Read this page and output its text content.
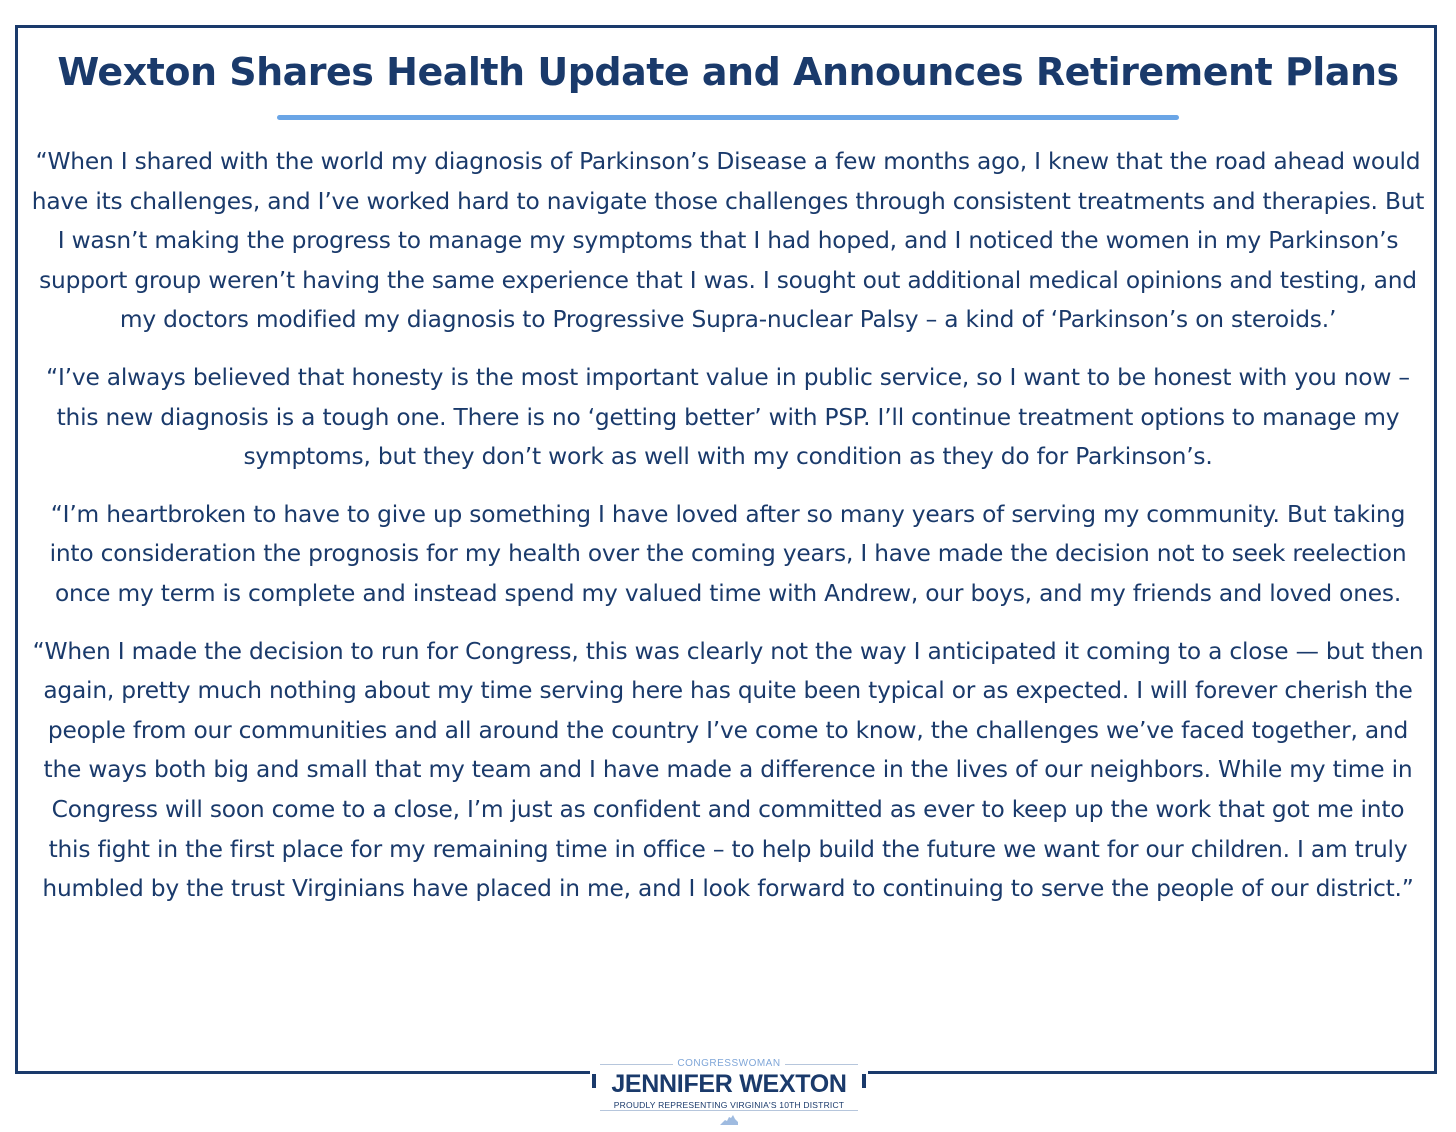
Wexton Shares Health Update and Announces Retirement Plans

“When I shared with the world my diagnosis of Parkinson’s Disease a few months ago, I knew that the road ahead would have its challenges, and I’ve worked hard to navigate those challenges through consistent treatments and therapies. But I wasn’t making the progress to manage my symptoms that I had hoped, and I noticed the women in my Parkinson’s support group weren’t having the same experience that I was. I sought out additional medical opinions and testing, and my doctors modified my diagnosis to Progressive Supra-nuclear Palsy – a kind of ‘Parkinson’s on steroids.’

“I’ve always believed that honesty is the most important value in public service, so I want to be honest with you now – this new diagnosis is a tough one. There is no ‘getting better’ with PSP. I’ll continue treatment options to manage my symptoms, but they don’t work as well with my condition as they do for Parkinson’s.

“I’m heartbroken to have to give up something I have loved after so many years of serving my community. But taking into consideration the prognosis for my health over the coming years, I have made the decision not to seek reelection once my term is complete and instead spend my valued time with Andrew, our boys, and my friends and loved ones.

“When I made the decision to run for Congress, this was clearly not the way I anticipated it coming to a close — but then again, pretty much nothing about my time serving here has quite been typical or as expected. I will forever cherish the people from our communities and all around the country I’ve come to know, the challenges we’ve faced together, and the ways both big and small that my team and I have made a difference in the lives of our neighbors. While my time in Congress will soon come to a close, I’m just as confident and committed as ever to keep up the work that got me into this fight in the first place for my remaining time in office – to help build the future we want for our children. I am truly humbled by the trust Virginians have placed in me, and I look forward to continuing to serve the people of our district.”

CONGRESSWOMAN
JENNIFER WEXTON
PROUDLY REPRESENTING VIRGINIA'S 10TH DISTRICT
